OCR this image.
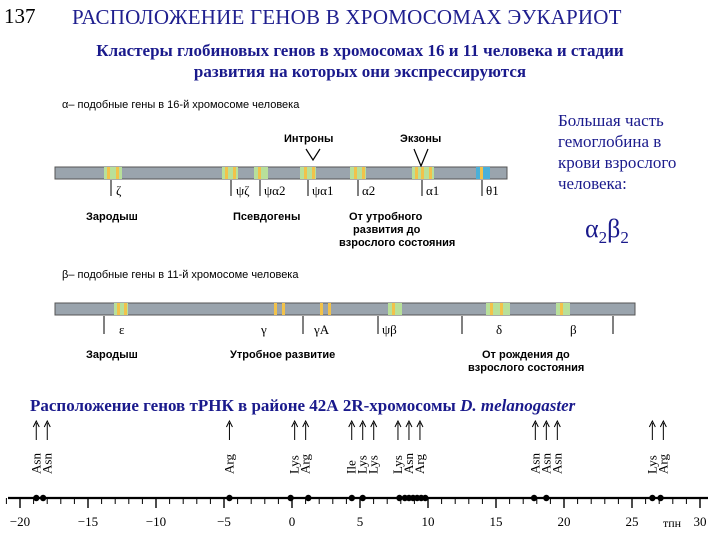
137 РАСПОЛОЖЕНИЕ ГЕНОВ В ХРОМОСОМАХ ЭУКАРИОТ
Кластеры глобиновых генов в хромосомах 16 и 11 человека и стадии
развития на которых они экспрессируются
α– подобные гены в 16-й хромосоме человека
Интроны	Экзоны
ζ	ψζ ψα2 ψα1 α2	α1	θ1
Зародыш	Псевдогены	От утробного
развития до
взрослого состояния
β– подобные гены в 11-й хромосоме человека
ε	γ	γA	ψβ	δ	β
Зародыш	Утробное развитие	От рождения до
взрослого состояния
Asn
Asn	Arg	Lys
Arg Ile
Lys
Lys Lys
Asn
Arg	Asn
Asn
Asn	Lys
Arg
−20	−15	−10	−5	0	5	10	15	20	25	30
Большая часть
гемоглобина в
крови взрослого
человека:
$\alpha_2\beta_2$
Расположение генов тРНК в районе 42А 2R-хромосомы D. melanogaster
тпн
